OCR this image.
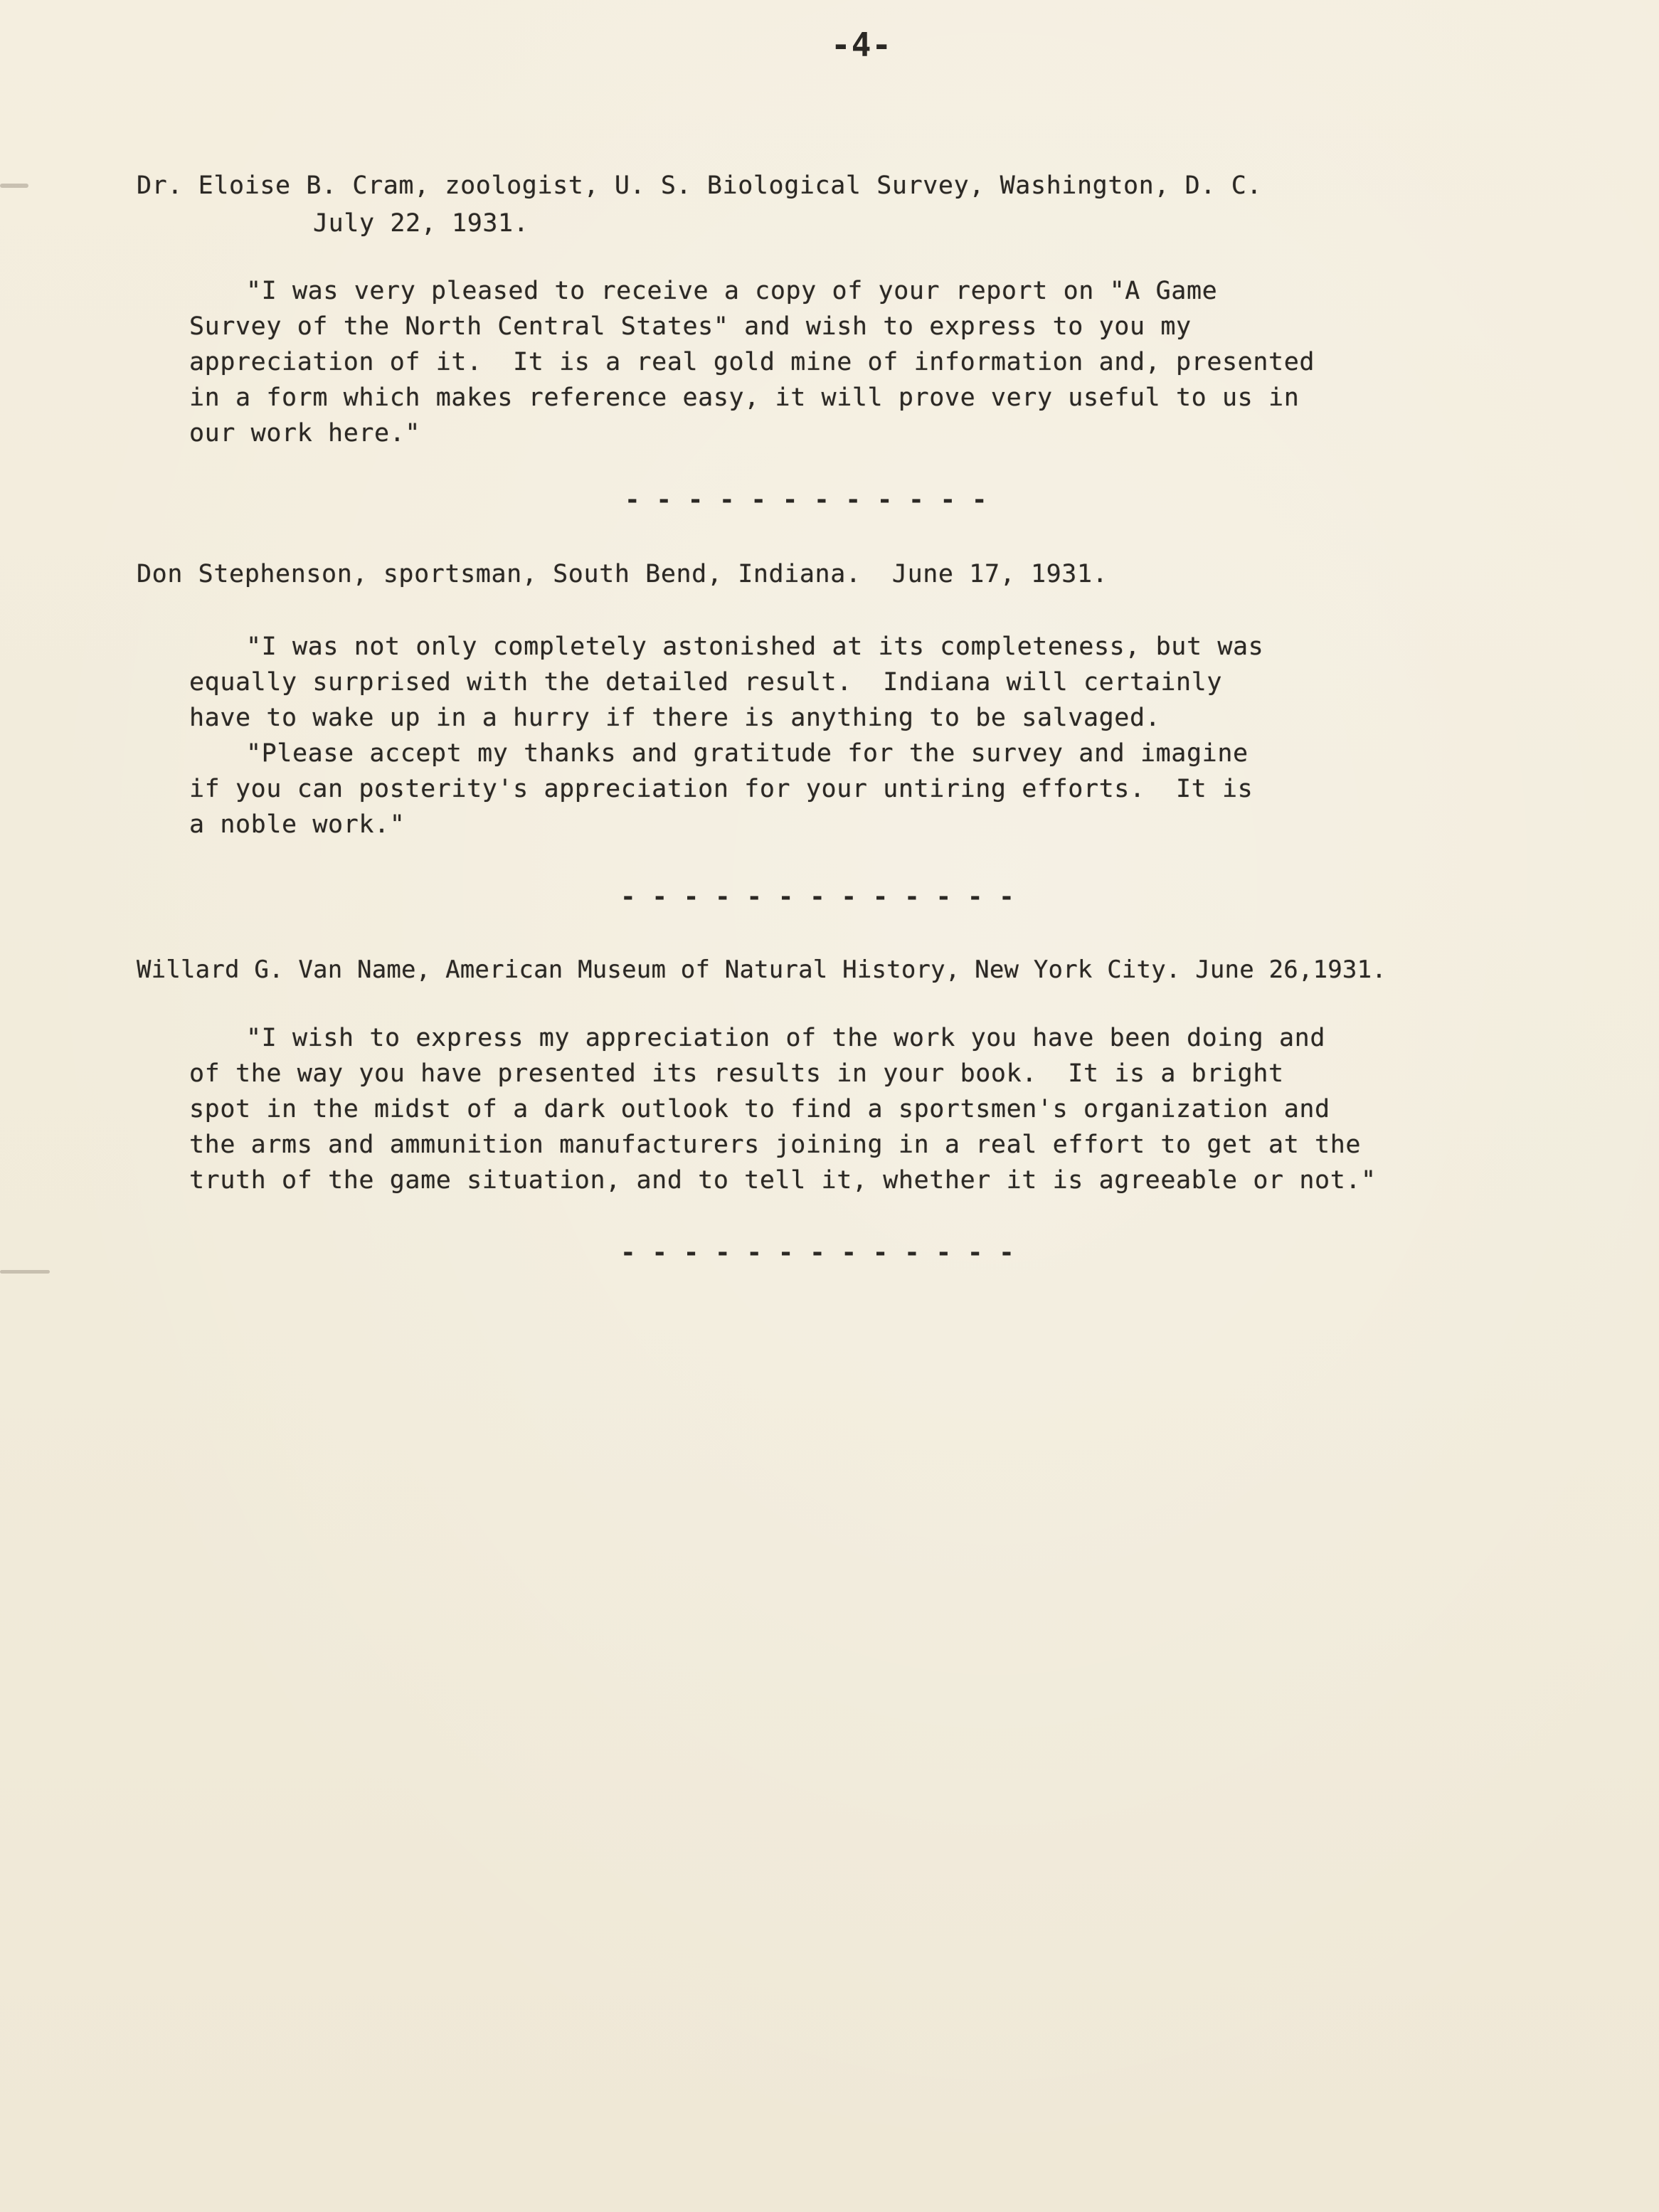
-4-
Dr. Eloise B. Cram, zoologist, U. S. Biological Survey, Washington, D. C.
July 22, 1931.
"I was very pleased to receive a copy of your report on "A Game
Survey of the North Central States" and wish to express to you my
appreciation of it.  It is a real gold mine of information and, presented
in a form which makes reference easy, it will prove very useful to us in
our work here."
- - - - - - - - - - - -
Don Stephenson, sportsman, South Bend, Indiana.  June 17, 1931.
"I was not only completely astonished at its completeness, but was
equally surprised with the detailed result.  Indiana will certainly
have to wake up in a hurry if there is anything to be salvaged.
"Please accept my thanks and gratitude for the survey and imagine
if you can posterity's appreciation for your untiring efforts.  It is
a noble work."
- - - - - - - - - - - - -
Willard G. Van Name, American Museum of Natural History, New York City. June 26,1931.
"I wish to express my appreciation of the work you have been doing and
of the way you have presented its results in your book.  It is a bright
spot in the midst of a dark outlook to find a sportsmen's organization and
the arms and ammunition manufacturers joining in a real effort to get at the
truth of the game situation, and to tell it, whether it is agreeable or not."
- - - - - - - - - - - - -
